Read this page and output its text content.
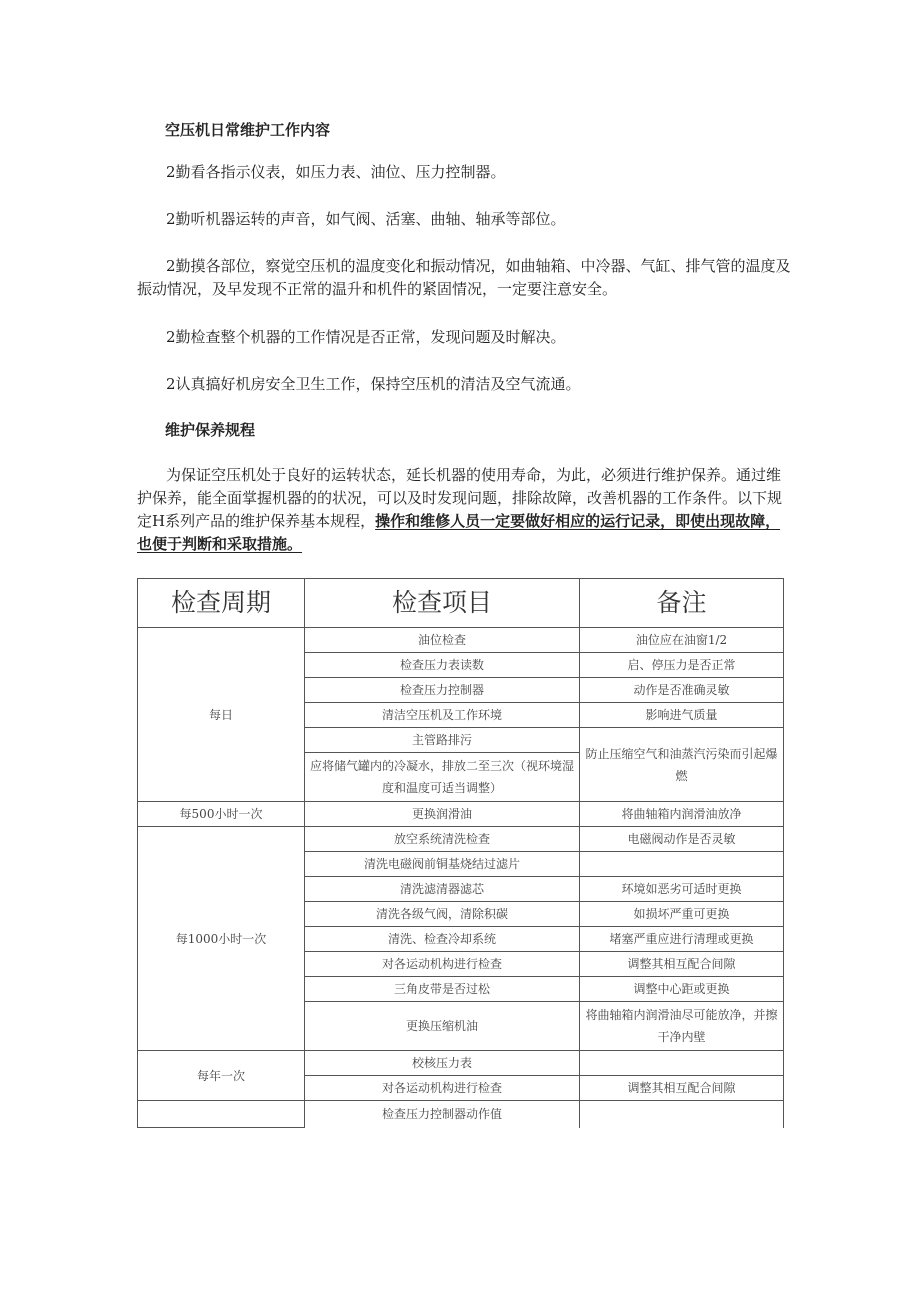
空压机日常维护工作内容
2勤看各指示仪表，如压力表、油位、压力控制器。
2勤听机器运转的声音，如气阀、活塞、曲轴、轴承等部位。
2勤摸各部位，察觉空压机的温度变化和振动情况，如曲轴箱、中冷器、气缸、排气管的温度及振动情况，及早发现不正常的温升和机件的紧固情况，一定要注意安全。
2勤检查整个机器的工作情况是否正常，发现问题及时解决。
2认真搞好机房安全卫生工作，保持空压机的清洁及空气流通。
维护保养规程
为保证空压机处于良好的运转状态，延长机器的使用寿命，为此，必须进行维护保养。通过维护保养，能全面掌握机器的的状况，可以及时发现问题，排除故障，改善机器的工作条件。以下规定H系列产品的维护保养基本规程，操作和维修人员一定要做好相应的运行记录，即使出现故障，也便于判断和采取措施。
检查周期	检查项目	备注
每日	油位检查	油位应在油窗1/2
	检查压力表读数	启、停压力是否正常
	检查压力控制器	动作是否准确灵敏
	清洁空压机及工作环境	影响进气质量
	主管路排污	防止压缩空气和油蒸汽污染而引起爆燃

	应将储气罐内的冷凝水，排放二至三次（视环境湿度和温度可适当调整）	

每500小时一次	更换润滑油	将曲轴箱内润滑油放净
每1000小时一次	放空系统清洗检查	电磁阀动作是否灵敏
	清洗电磁阀前铜基烧结过滤片	
	清洗滤清器滤芯	环境如恶劣可适时更换
	清洗各级气阀，清除积碳	如损坏严重可更换
	清洗、检查冷却系统	堵塞严重应进行清理或更换
	对各运动机构进行检查	调整其相互配合间隙
	三角皮带是否过松	调整中心距或更换
	更换压缩机油	将曲轴箱内润滑油尽可能放净，并擦干净内壁

每年一次	校核压力表	
	对各运动机构进行检查	调整其相互配合间隙
	检查压力控制器动作值	
